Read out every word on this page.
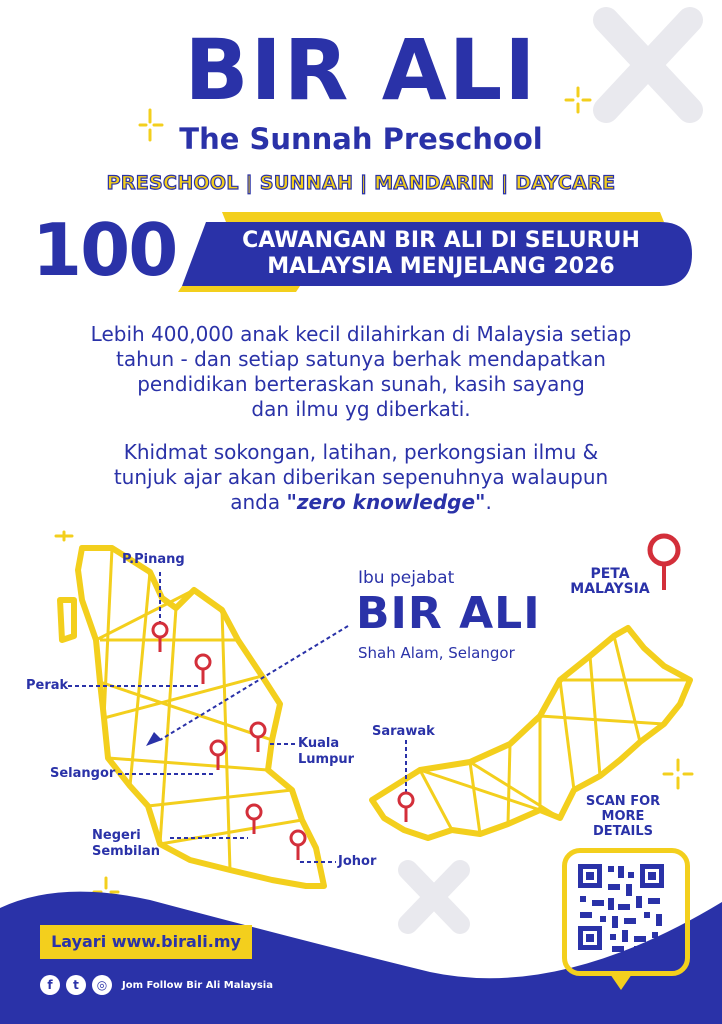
BIR ALI
The Sunnah Preschool
PRESCHOOL | SUNNAH | MANDARIN | DAYCARE
100	CAWANGAN BIR ALI DI SELURUH
MALAYSIA MENJELANG 2026
Lebih 400,000 anak kecil dilahirkan di Malaysia setiap
tahun - dan setiap satunya berhak mendapatkan
pendidikan berteraskan sunah, kasih sayang
dan ilmu yg diberkati.
Khidmat sokongan, latihan, perkongsian ilmu &
tunjuk ajar akan diberikan sepenuhnya walaupun
anda "zero knowledge".
Ibu pejabat
BIR ALI
Shah Alam, Selangor
P.Pinang
Perak
Selangor
Kuala
Lumpur
Negeri
Sembilan
Johor
Sarawak
PETA
MALAYSIA
SCAN FOR
MORE
DETAILS
Layari www.birali.my
f	t	◎	Jom Follow Bir Ali Malaysia
